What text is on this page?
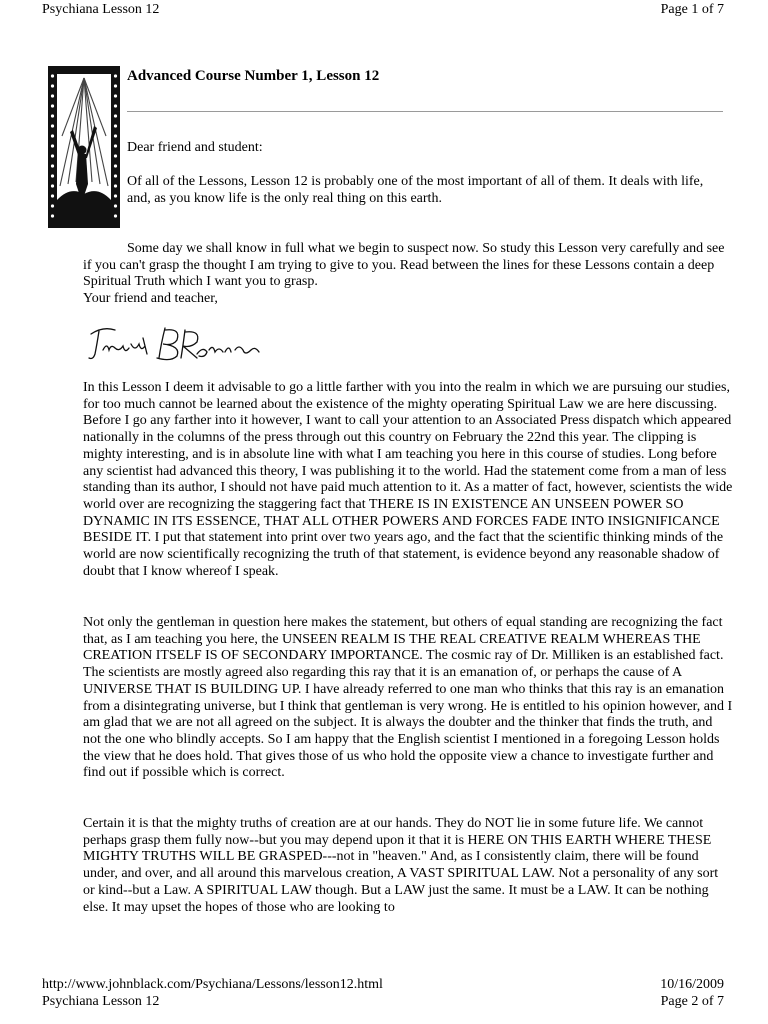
Psychiana Lesson 12	Page 1 of 7
Advanced Course Number 1, Lesson 12

Dear friend and student:

Of all of the Lessons, Lesson 12 is probably one of the most important of all of them. It deals with life, and, as you know life is the only real thing on this earth.

Some day we shall know in full what we begin to suspect now. So study this Lesson very carefully and see if you can't grasp the thought I am trying to give to you. Read between the lines for these Lessons contain a deep Spiritual Truth which I want you to grasp.

Your friend and teacher,

In this Lesson I deem it advisable to go a little farther with you into the realm in which we are pursuing our studies, for too much cannot be learned about the existence of the mighty operating Spiritual Law we are here discussing. Before I go any farther into it however, I want to call your attention to an Associated Press dispatch which appeared nationally in the columns of the press through out this country on February the 22nd this year. The clipping is mighty interesting, and is in absolute line with what I am teaching you here in this course of studies. Long before any scientist had advanced this theory, I was publishing it to the world. Had the statement come from a man of less standing than its author, I should not have paid much attention to it. As a matter of fact, however, scientists the wide world over are recognizing the staggering fact that THERE IS IN EXISTENCE AN UNSEEN POWER SO DYNAMIC IN ITS ESSENCE, THAT ALL OTHER POWERS AND FORCES FADE INTO INSIGNIFICANCE BESIDE IT. I put that statement into print over two years ago, and the fact that the scientific thinking minds of the world are now scientifically recognizing the truth of that statement, is evidence beyond any reasonable shadow of doubt that I know whereof I speak.

Not only the gentleman in question here makes the statement, but others of equal standing are recognizing the fact that, as I am teaching you here, the UNSEEN REALM IS THE REAL CREATIVE REALM WHEREAS THE CREATION ITSELF IS OF SECONDARY IMPORTANCE. The cosmic ray of Dr. Milliken is an established fact. The scientists are mostly agreed also regarding this ray that it is an emanation of, or perhaps the cause of A UNIVERSE THAT IS BUILDING UP. I have already referred to one man who thinks that this ray is an emanation from a disintegrating universe, but I think that gentleman is very wrong. He is entitled to his opinion however, and I am glad that we are not all agreed on the subject. It is always the doubter and the thinker that finds the truth, and not the one who blindly accepts. So I am happy that the English scientist I mentioned in a foregoing Lesson holds the view that he does hold. That gives those of us who hold the opposite view a chance to investigate further and find out if possible which is correct.

Certain it is that the mighty truths of creation are at our hands. They do NOT lie in some future life. We cannot perhaps grasp them fully now--but you may depend upon it that it is HERE ON THIS EARTH WHERE THESE MIGHTY TRUTHS WILL BE GRASPED---not in "heaven." And, as I consistently claim, there will be found under, and over, and all around this marvelous creation, A VAST SPIRITUAL LAW. Not a personality of any sort or kind--but a Law. A SPIRITUAL LAW though. But a LAW just the same. It must be a LAW. It can be nothing else. It may upset the hopes of those who are looking to

http://www.johnblack.com/Psychiana/Lessons/lesson12.html	10/16/2009
Psychiana Lesson 12	Page 2 of 7
